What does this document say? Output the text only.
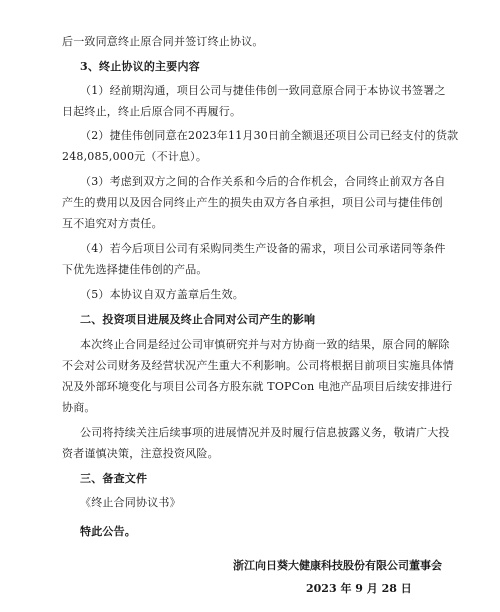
后一致同意终止原合同并签订终止协议。
3、终止协议的主要内容
（1）经前期沟通，项目公司与捷佳伟创一致同意原合同于本协议书签署之
日起终止，终止后原合同不再履行。
（2）捷佳伟创同意在2023年11月30日前全额退还项目公司已经支付的货款
248,085,000元（不计息）。
（3）考虑到双方之间的合作关系和今后的合作机会，合同终止前双方各自
产生的费用以及因合同终止产生的损失由双方各自承担，项目公司与捷佳伟创
互不追究对方责任。
（4）若今后项目公司有采购同类生产设备的需求，项目公司承诺同等条件
下优先选择捷佳伟创的产品。
（5）本协议自双方盖章后生效。
二、投资项目进展及终止合同对公司产生的影响
本次终止合同是经过公司审慎研究并与对方协商一致的结果，原合同的解除
不会对公司财务及经营状况产生重大不利影响。公司将根据目前项目实施具体情
况及外部环境变化与项目公司各方股东就 TOPCon 电池产品项目后续安排进行
协商。
公司将持续关注后续事项的进展情况并及时履行信息披露义务，敬请广大投
资者谨慎决策，注意投资风险。
三、备查文件
《终止合同协议书》
特此公告。
浙江向日葵大健康科技股份有限公司董事会
2023 年 9 月 28 日
